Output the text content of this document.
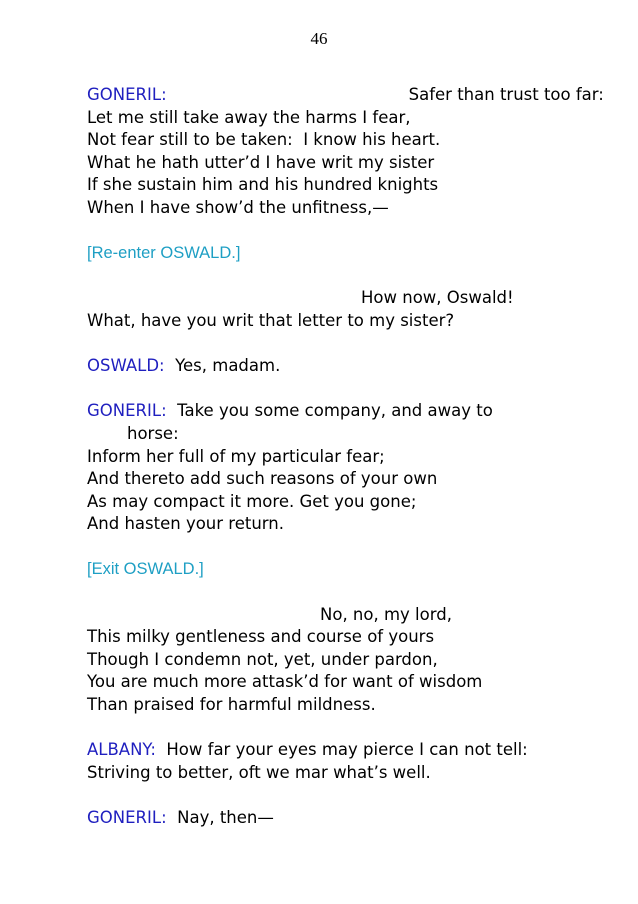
46
GONERIL:	Safer than trust too far:
Let me still take away the harms I fear,
Not fear still to be taken:  I know his heart.
What he hath utter’d I have writ my sister
If she sustain him and his hundred knights
When I have show’d the unfitness,—
[Re-enter OSWALD.]
How now, Oswald!
What, have you writ that letter to my sister?
OSWALD: Yes, madam.
GONERIL: Take you some company, and away to
horse:
Inform her full of my particular fear;
And thereto add such reasons of your own
As may compact it more. Get you gone;
And hasten your return.
[Exit OSWALD.]
No, no, my lord,
This milky gentleness and course of yours
Though I condemn not, yet, under pardon,
You are much more attask’d for want of wisdom
Than praised for harmful mildness.
ALBANY: How far your eyes may pierce I can not tell:
Striving to better, oft we mar what’s well.
GONERIL: Nay, then—
